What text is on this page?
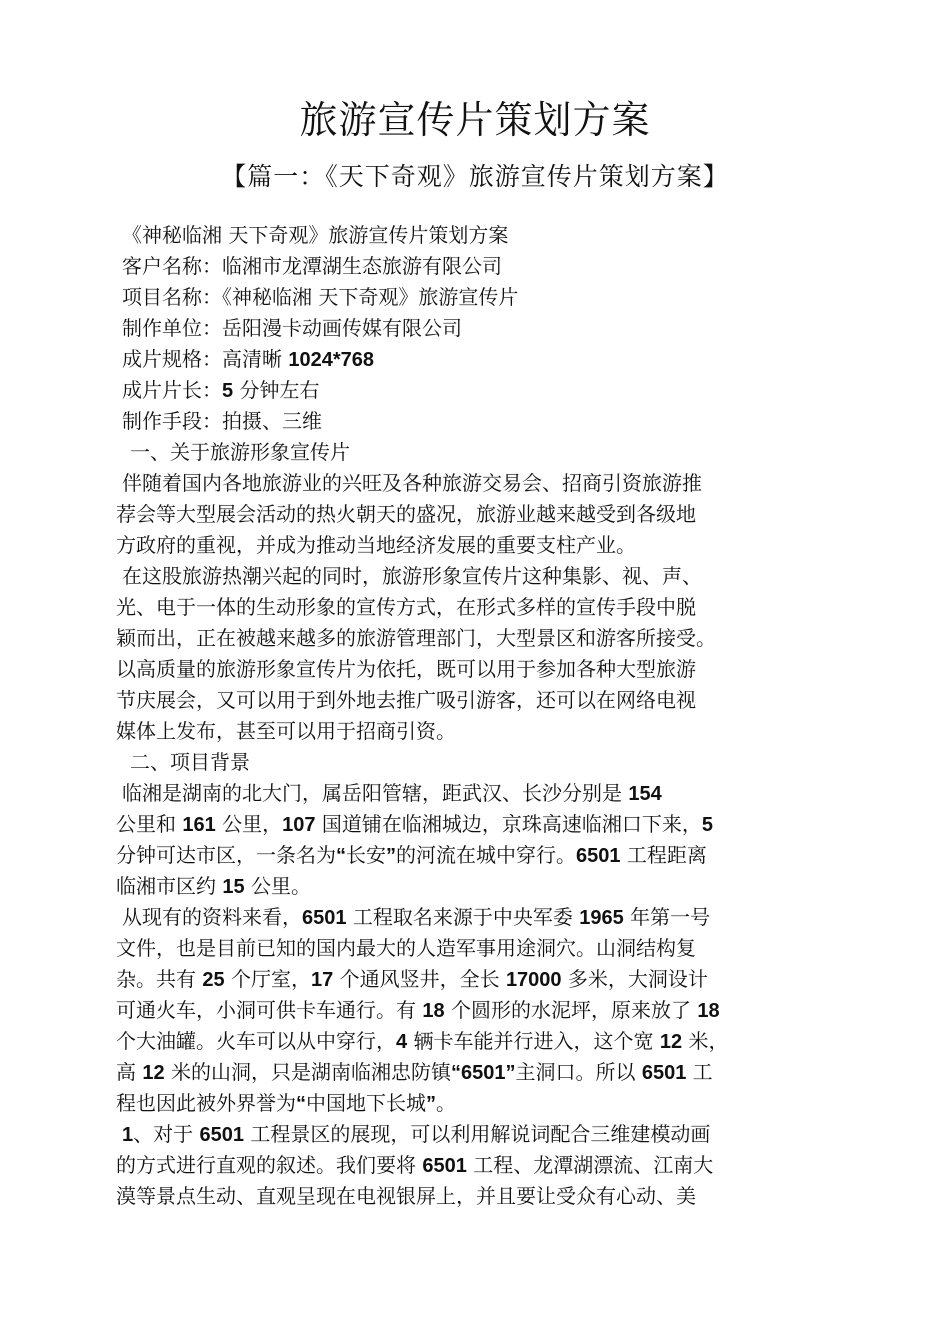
旅游宣传片策划方案
【篇一：《天下奇观》旅游宣传片策划方案】
《神秘临湘 天下奇观》旅游宣传片策划方案
客户名称：临湘市龙潭湖生态旅游有限公司
项目名称：《神秘临湘 天下奇观》旅游宣传片
制作单位：岳阳漫卡动画传媒有限公司
成片规格：高清晰 1024*768
成片片长：5 分钟左右
制作手段：拍摄、三维
一、关于旅游形象宣传片
伴随着国内各地旅游业的兴旺及各种旅游交易会、招商引资旅游推
荐会等大型展会活动的热火朝天的盛况，旅游业越来越受到各级地
方政府的重视，并成为推动当地经济发展的重要支柱产业。
在这股旅游热潮兴起的同时，旅游形象宣传片这种集影、视、声、
光、电于一体的生动形象的宣传方式，在形式多样的宣传手段中脱
颖而出，正在被越来越多的旅游管理部门，大型景区和游客所接受。
以高质量的旅游形象宣传片为依托，既可以用于参加各种大型旅游
节庆展会，又可以用于到外地去推广吸引游客，还可以在网络电视
媒体上发布，甚至可以用于招商引资。
二、项目背景
临湘是湖南的北大门，属岳阳管辖，距武汉、长沙分别是 154
公里和 161 公里，107 国道铺在临湘城边，京珠高速临湘口下来，5
分钟可达市区，一条名为“长安”的河流在城中穿行。6501 工程距离
临湘市区约 15 公里。
从现有的资料来看，6501 工程取名来源于中央军委 1965 年第一号
文件，也是目前已知的国内最大的人造军事用途洞穴。山洞结构复
杂。共有 25 个厅室，17 个通风竖井，全长 17000 多米，大洞设计
可通火车，小洞可供卡车通行。有 18 个圆形的水泥坪，原来放了 18
个大油罐。火车可以从中穿行，4 辆卡车能并行进入，这个宽 12 米，
高 12 米的山洞，只是湖南临湘忠防镇“6501”主洞口。所以 6501 工
程也因此被外界誉为“中国地下长城”。
1、对于 6501 工程景区的展现，可以利用解说词配合三维建模动画
的方式进行直观的叙述。我们要将 6501 工程、龙潭湖漂流、江南大
漠等景点生动、直观呈现在电视银屏上，并且要让受众有心动、美
